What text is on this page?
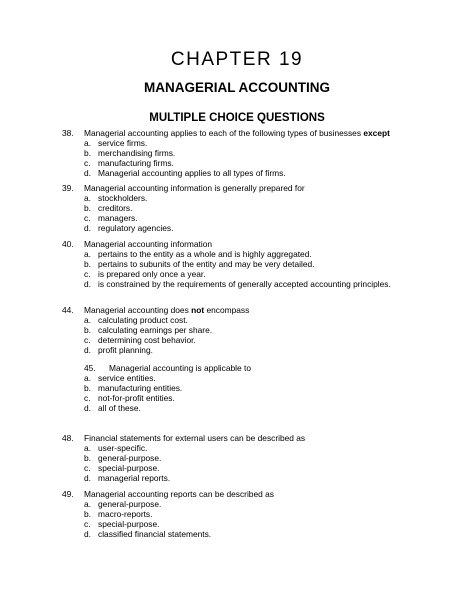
CHAPTER 19
MANAGERIAL ACCOUNTING
MULTIPLE CHOICE QUESTIONS
38. Managerial accounting applies to each of the following types of businesses except
a. service firms.
b. merchandising firms.
c. manufacturing firms.
d. Managerial accounting applies to all types of firms.
39. Managerial accounting information is generally prepared for
a. stockholders.
b. creditors.
c. managers.
d. regulatory agencies.
40. Managerial accounting information
a. pertains to the entity as a whole and is highly aggregated.
b. pertains to subunits of the entity and may be very detailed.
c. is prepared only once a year.
d. is constrained by the requirements of generally accepted accounting principles.
44. Managerial accounting does not encompass
a. calculating product cost.
b. calculating earnings per share.
c. determining cost behavior.
d. profit planning.
45. Managerial accounting is applicable to
a. service entities.
b. manufacturing entities.
c. not-for-profit entities.
d. all of these.
48. Financial statements for external users can be described as
a. user-specific.
b. general-purpose.
c. special-purpose.
d. managerial reports.
49. Managerial accounting reports can be described as
a. general-purpose.
b. macro-reports.
c. special-purpose.
d. classified financial statements.
